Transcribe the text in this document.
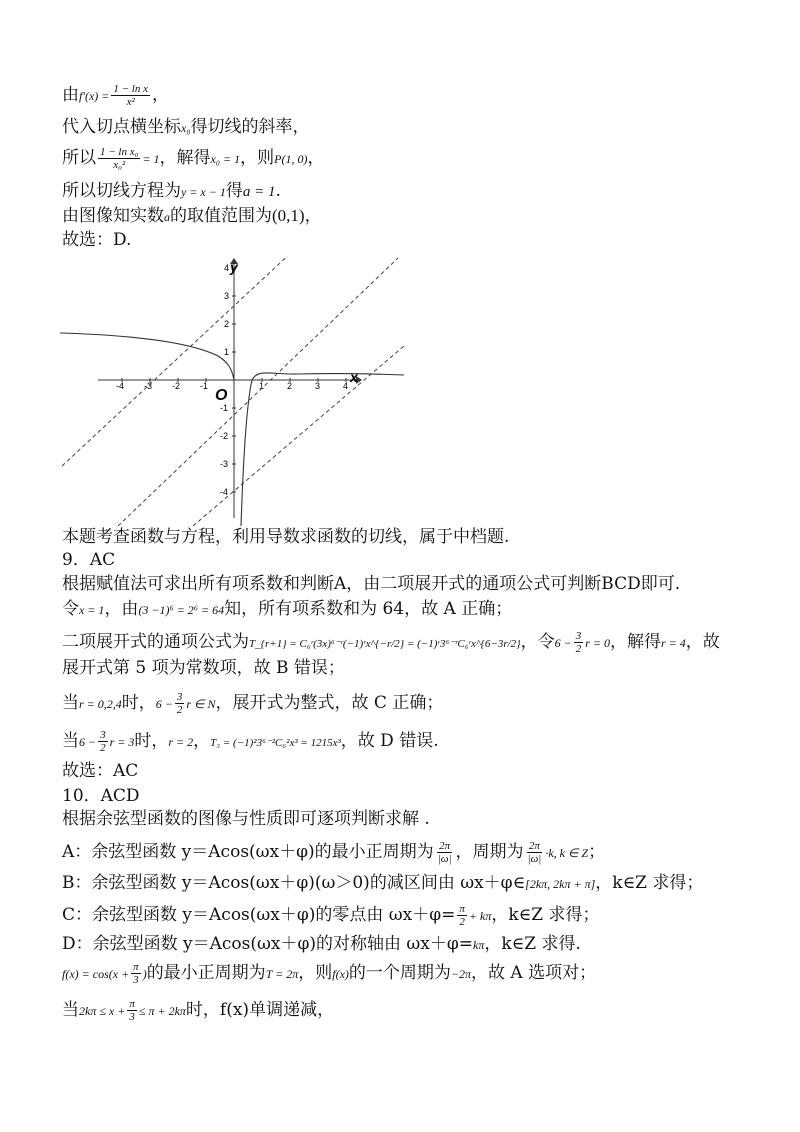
由$f'(x) = \frac{\text{1 − ln x}}{\text{x²}}$ ，
代入切点横坐标x₀得切线的斜率，
所以 $\frac{\text{1 − ln x₀}}{\text{x₀²}} = 1$，解得x₀ = 1，则P(1, 0)，
所以切线方程为y = x − 1得a = 1.
由图像知实数a的取值范围为(0,1)，
故选：D.
-4 -3 -2 -1	1	2	3	4
4
3
2
1
-1
-2
-3
-4
x
y
O
本题考查函数与方程，利用导数求函数的切线，属于中档题.
9．AC
根据赋值法可求出所有项系数和判断A，由二项展开式的通项公式可判断BCD即可.
令x = 1，由(3 −1)⁶ = 2⁶ = 64知，所有项系数和为 64，故 A 正确；
二项展开式的通项公式为T_{r+1} = C₆ʳ(3x)⁶⁻ʳ(−1)ʳx^{−r/2} = (−1)ʳ3⁶⁻ʳC₆ʳx^{6−3r/2}，令$6 - \frac{3}{2}$ r = 0，解得r = 4，故
展开式第 5 项为常数项，故 B 错误；
当r = 0,2,4时，$6 - \frac{3}{2}$ r ∈ N，展开式为整式，故 C 正确；
当$6 - \frac{3}{2}$ r = 3时，r = 2，T₃ = (−1)²3⁶⁻²C₆²x³ = 1215x³，故 D 错误.
故选：AC
10．ACD
根据余弦型函数的图像与性质即可逐项判断求解 .
A：余弦型函数 y＝Acos(ωx＋φ)的最小正周期为 $\frac{2\pi}{|\omega|}$ ，周期为 $\frac{2\pi}{|\omega|} \cdot k$, k ∈ Z；
B：余弦型函数 y＝Acos(ωx＋φ)(ω＞0)的减区间由 ωx＋φ∈[2kπ, 2kπ + π]，k∈Z 求得；
C：余弦型函数 y＝Acos(ωx＋φ)的零点由 $\omega x+\varphi= \frac{\pi}{2} + k\pi$，k∈Z 求得；
D：余弦型函数 y＝Acos(ωx＋φ)的对称轴由 ωx＋φ=kπ，k∈Z 求得.
$f(x) = \cos(x + \frac{\pi}{3}$ )的最小正周期为T = 2π，则f(x)的一个周期为−2π，故 A 选项对；
当$2k\pi \le x + \frac{\pi}{3} \le \pi + 2k\pi$时，f(x)单调递减，
